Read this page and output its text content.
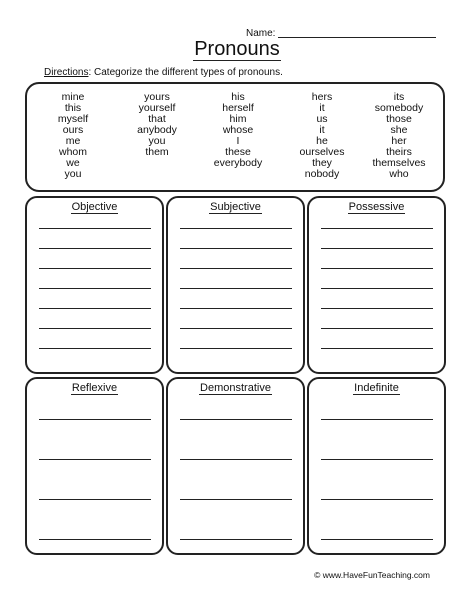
Name:
Pronouns
Directions: Categorize the different types of pronouns.
mine
this
myself
ours
me
whom
we
you
yours
yourself
that
anybody
you
them
his
herself
him
whose
I
these
everybody
hers
it
us
it
he
ourselves
they
nobody
its
somebody
those
she
her
theirs
themselves
who
Objective	Subjective	Possessive
Reflexive	Demonstrative	Indefinite
© www.HaveFunTeaching.com
